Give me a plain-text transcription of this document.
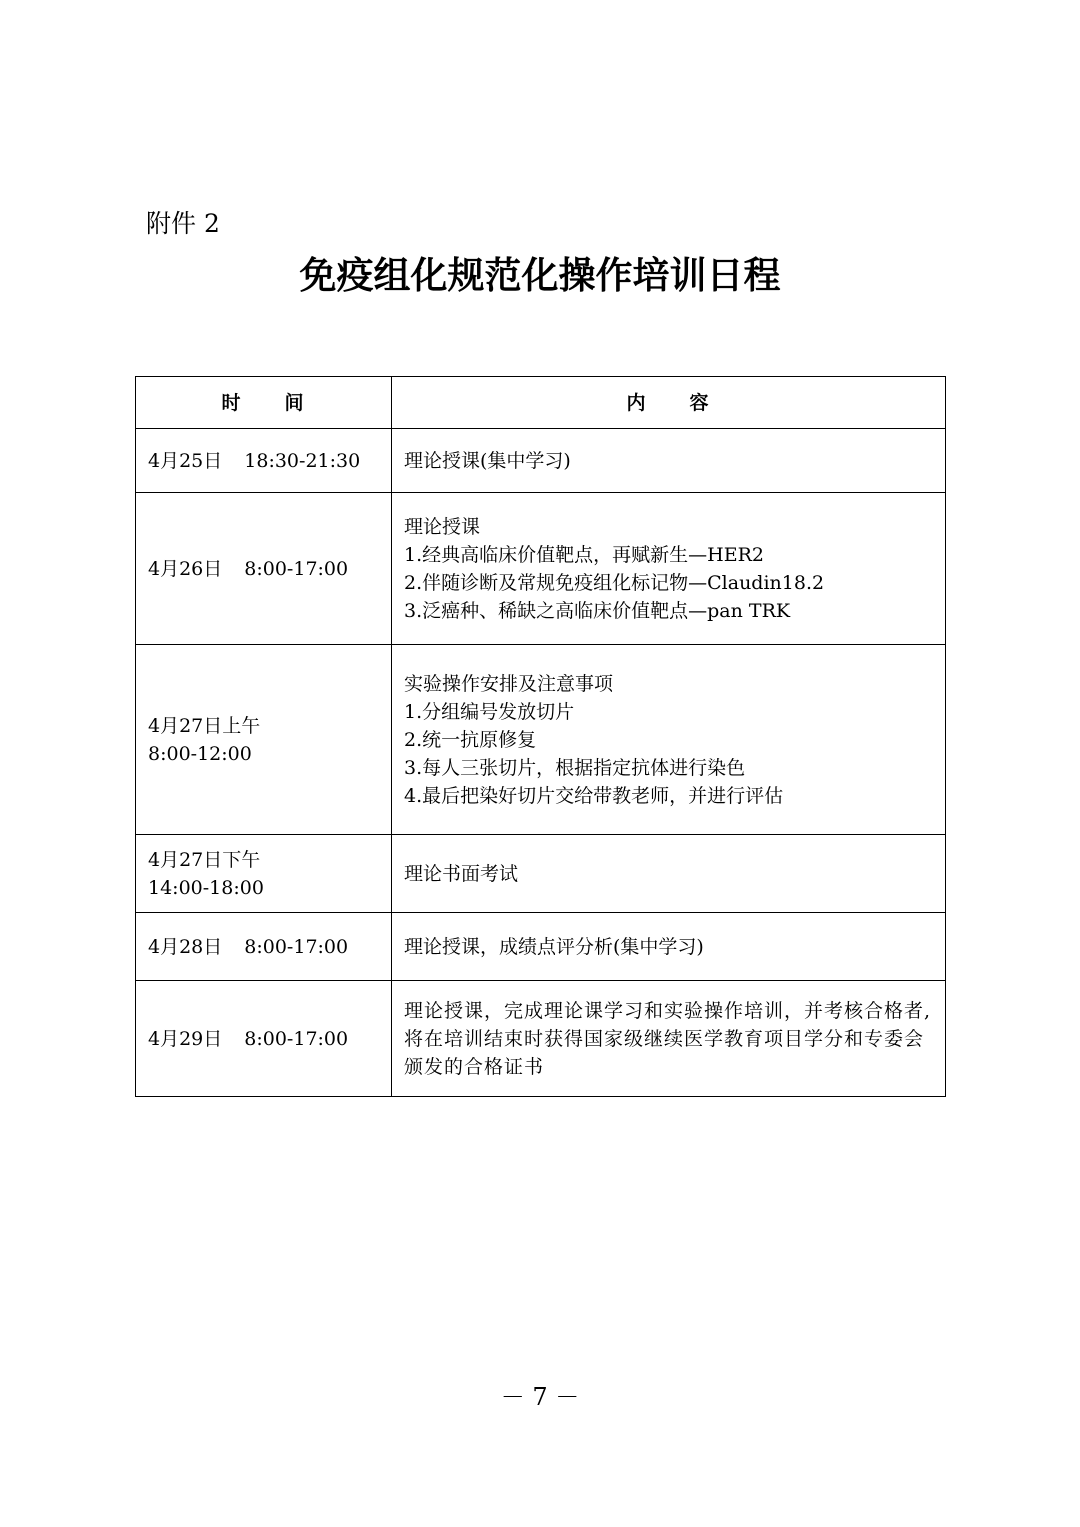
附件 2
免疫组化规范化操作培训日程
时　　间	内　　容

4月25日 18:30-21:30	理论授课(集中学习)

4月26日 8:00-17:00	理论授课
1.经典高临床价值靶点，再赋新生—HER2
2.伴随诊断及常规免疫组化标记物—Claudin18.2
3.泛癌种、稀缺之高临床价值靶点—pan TRK

4月27日上午
8:00-12:00	实验操作安排及注意事项
1.分组编号发放切片
2.统一抗原修复
3.每人三张切片，根据指定抗体进行染色
4.最后把染好切片交给带教老师，并进行评估

4月27日下午
14:00-18:00	理论书面考试

4月28日 8:00-17:00	理论授课，成绩点评分析(集中学习)

4月29日 8:00-17:00	理论授课，完成理论课学习和实验操作培训，并考核合格者,将在培训结束时获得国家级继续医学教育项目学分和专委会颁发的合格证书
－ 7 －
